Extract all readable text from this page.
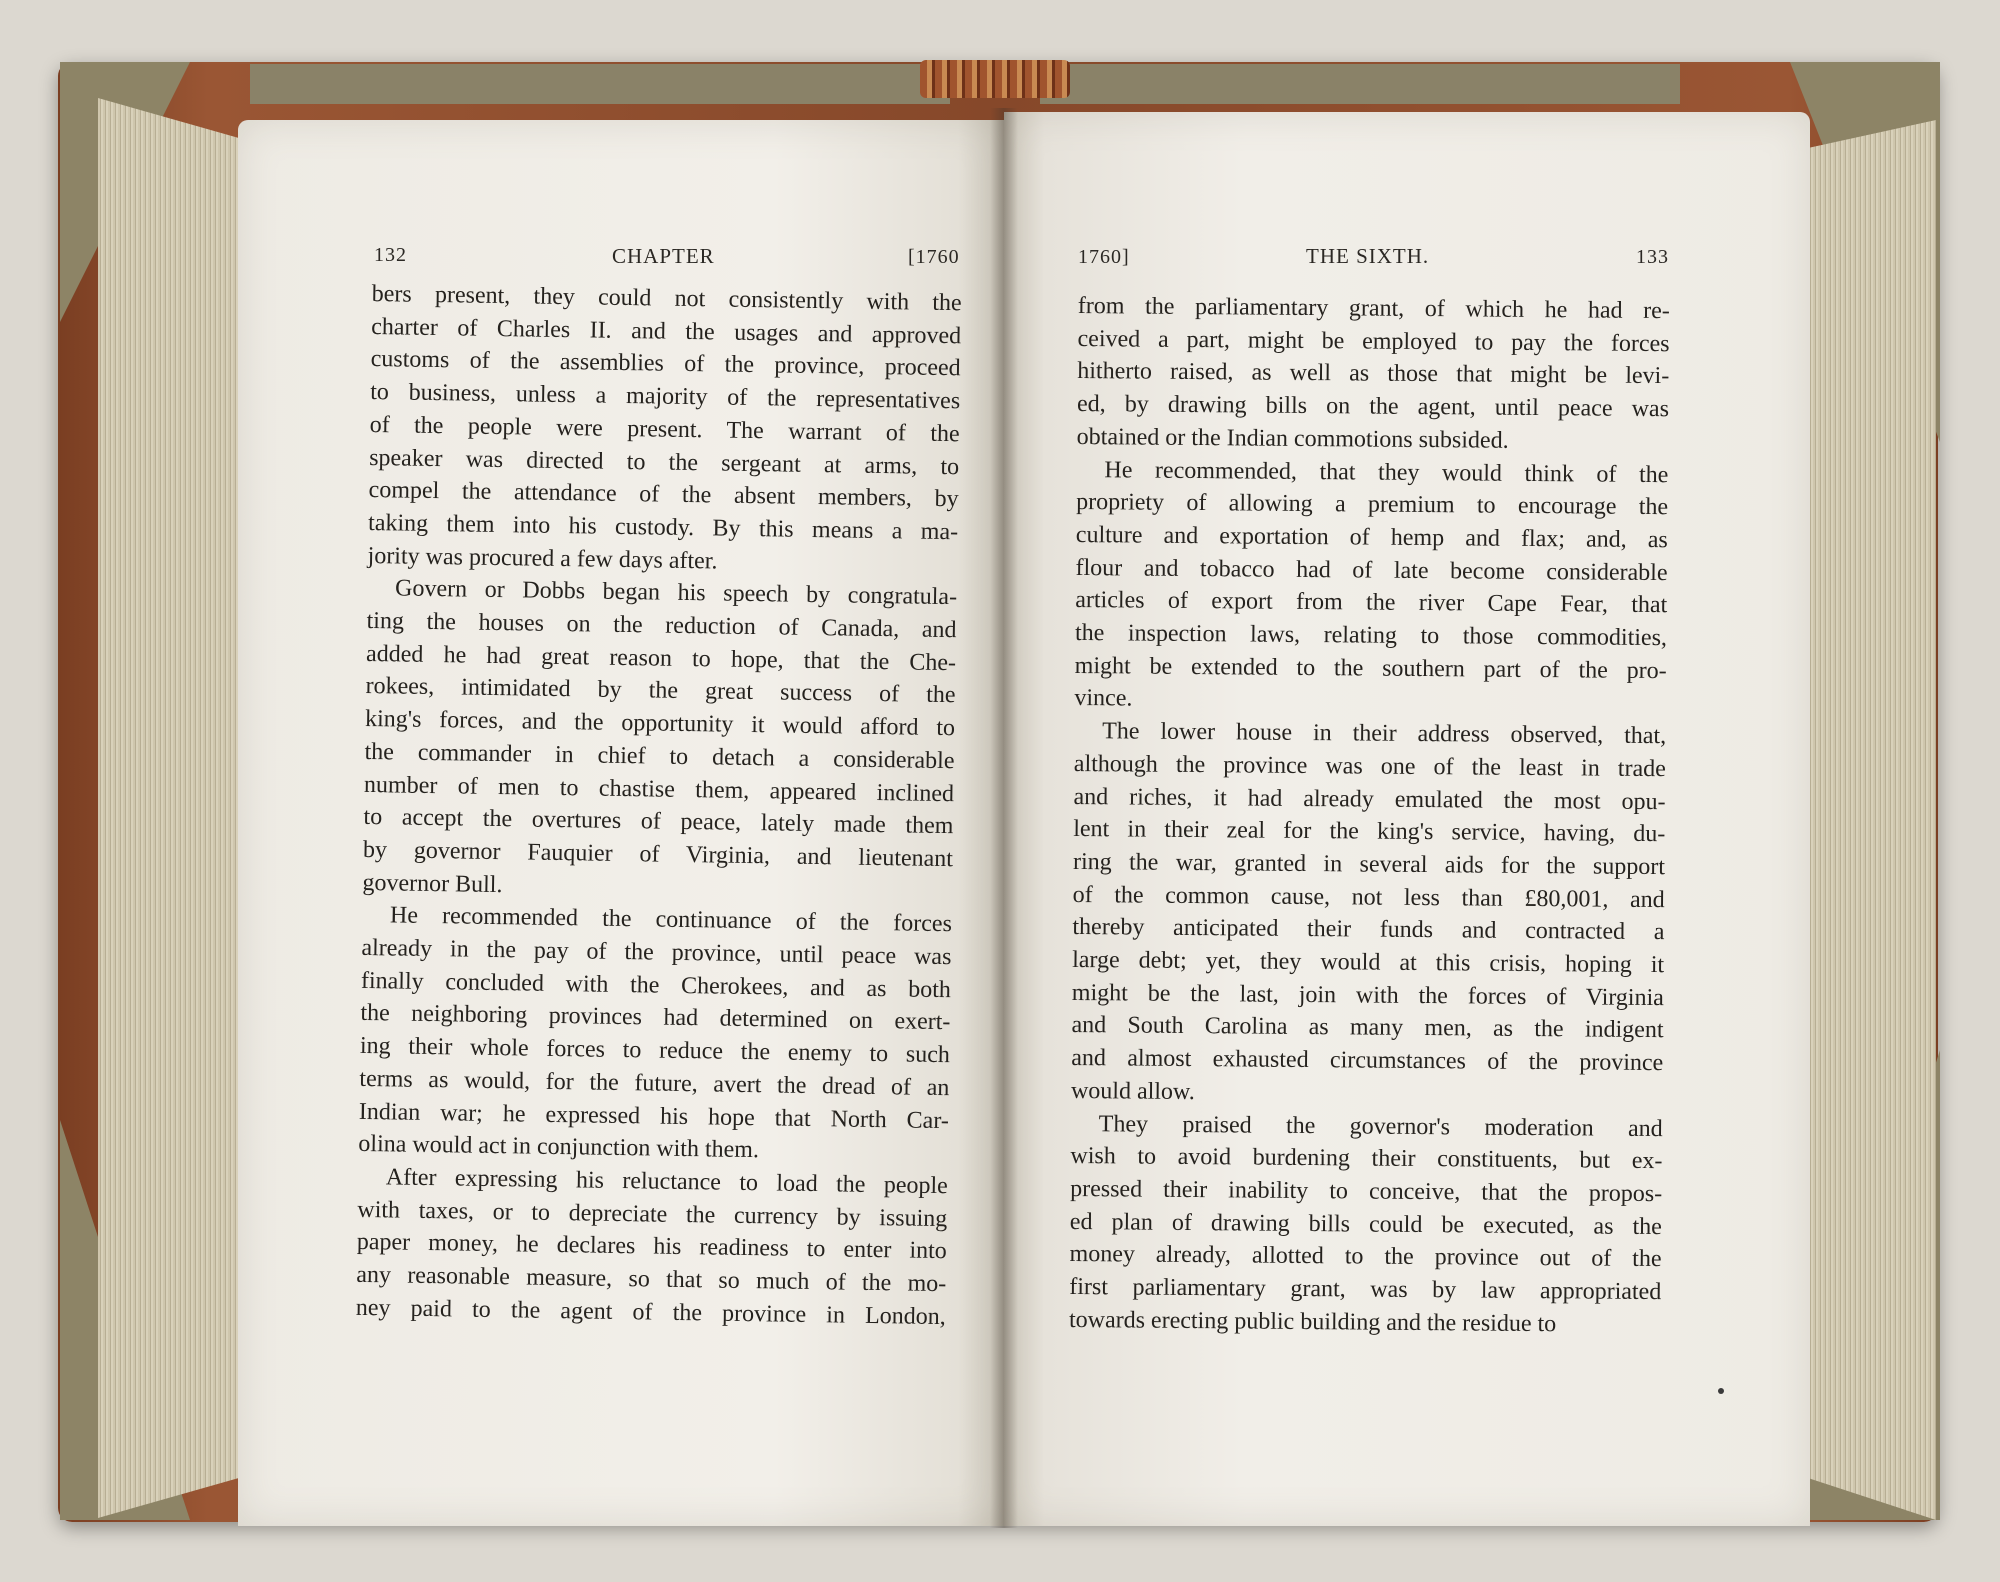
132	CHAPTER	[1760	1760]	THE SIXTH.	133
bers present, they could not consistently with the
charter of Charles II. and the usages and approved
customs of the assemblies of the province, proceed
to business, unless a majority of the representatives
of the people were present. The warrant of the
speaker was directed to the sergeant at arms, to
compel the attendance of the absent members, by
taking them into his custody. By this means a ma-
jority was procured a few days after.
Govern or Dobbs began his speech by congratula-
ting the houses on the reduction of Canada, and
added he had great reason to hope, that the Che-
rokees, intimidated by the great success of the
king's forces, and the opportunity it would afford to
the commander in chief to detach a considerable
number of men to chastise them, appeared inclined
to accept the overtures of peace, lately made them
by governor Fauquier of Virginia, and lieutenant
governor Bull.
He recommended the continuance of the forces
already in the pay of the province, until peace was
finally concluded with the Cherokees, and as both
the neighboring provinces had determined on exert-
ing their whole forces to reduce the enemy to such
terms as would, for the future, avert the dread of an
Indian war; he expressed his hope that North Car-
olina would act in conjunction with them.
After expressing his reluctance to load the people
with taxes, or to depreciate the currency by issuing
paper money, he declares his readiness to enter into
any reasonable measure, so that so much of the mo-
ney paid to the agent of the province in London,
from the parliamentary grant, of which he had re-
ceived a part, might be employed to pay the forces
hitherto raised, as well as those that might be levi-
ed, by drawing bills on the agent, until peace was
obtained or the Indian commotions subsided.
He recommended, that they would think of the
propriety of allowing a premium to encourage the
culture and exportation of hemp and flax; and, as
flour and tobacco had of late become considerable
articles of export from the river Cape Fear, that
the inspection laws, relating to those commodities,
might be extended to the southern part of the pro-
vince.
The lower house in their address observed, that,
although the province was one of the least in trade
and riches, it had already emulated the most opu-
lent in their zeal for the king's service, having, du-
ring the war, granted in several aids for the support
of the common cause, not less than £80,001, and
thereby anticipated their funds and contracted a
large debt; yet, they would at this crisis, hoping it
might be the last, join with the forces of Virginia
and South Carolina as many men, as the indigent
and almost exhausted circumstances of the province
would allow.
They praised the governor's moderation and
wish to avoid burdening their constituents, but ex-
pressed their inability to conceive, that the propos-
ed plan of drawing bills could be executed, as the
money already, allotted to the province out of the
first parliamentary grant, was by law appropriated
towards erecting public building and the residue to
